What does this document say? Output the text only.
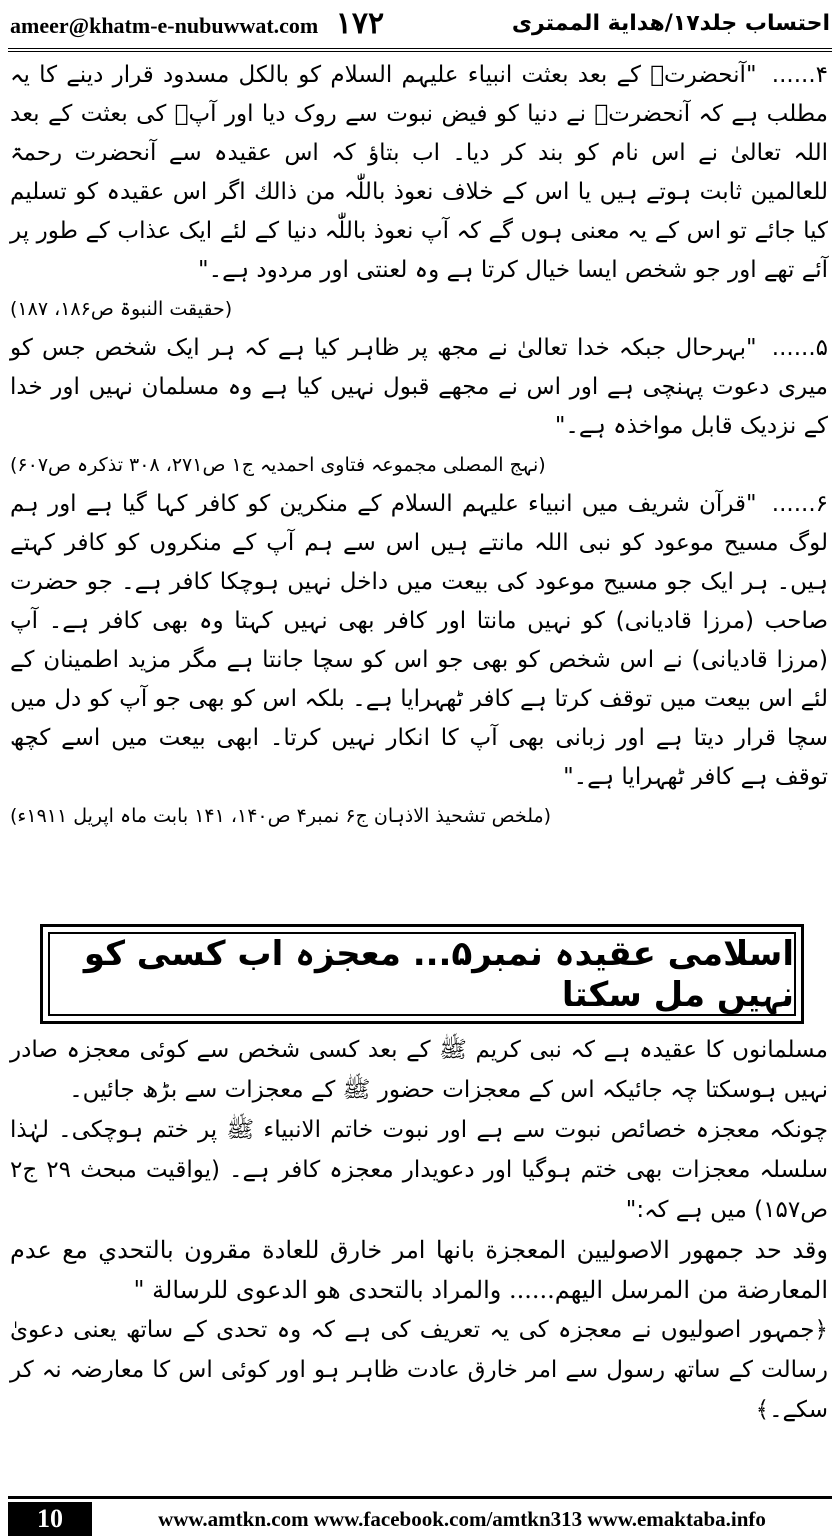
ameer@khatm-e-nubuwwat.com ۱۷۲	احتساب جلد۱۷/هداية الممترى

۴...... "آنحضرتؐ کے بعد بعثت انبیاء علیہم السلام کو بالکل مسدود قرار دینے کا یہ مطلب ہے کہ آنحضرتؐ نے دنیا کو فیض نبوت سے روک دیا اور آپؐ کی بعثت کے بعد اللہ تعالیٰ نے اس نام کو بند کر دیا۔ اب بتاؤ کہ اس عقیدہ سے آنحضرت رحمۃ للعالمین ثابت ہوتے ہیں یا اس کے خلاف نعوذ باللّٰہ من ذالك اگر اس عقیدہ کو تسلیم کیا جائے تو اس کے یہ معنی ہوں گے کہ آپ نعوذ باللّٰہ دنیا کے لئے ایک عذاب کے طور پر آئے تھے اور جو شخص ایسا خیال کرتا ہے وہ لعنتی اور مردود ہے۔"
(حقیقت النبوۃ ص۱۸۶، ۱۸۷)

۵...... "بہرحال جبکہ خدا تعالیٰ نے مجھ پر ظاہر کیا ہے کہ ہر ایک شخص جس کو میری دعوت پہنچی ہے اور اس نے مجھے قبول نہیں کیا ہے وہ مسلمان نہیں اور خدا کے نزدیک قابل مواخذہ ہے۔"
(نہج المصلی مجموعہ فتاوی احمدیہ ج۱ ص۲۷۱، ۳۰۸ تذکرہ ص۶۰۷)

۶...... "قرآن شریف میں انبیاء علیہم السلام کے منکرین کو کافر کہا گیا ہے اور ہم لوگ مسیح موعود کو نبی اللہ مانتے ہیں اس سے ہم آپ کے منکروں کو کافر کہتے ہیں۔ ہر ایک جو مسیح موعود کی بیعت میں داخل نہیں ہوچکا کافر ہے۔ جو حضرت صاحب (مرزا قادیانی) کو نہیں مانتا اور کافر بھی نہیں کہتا وہ بھی کافر ہے۔ آپ (مرزا قادیانی) نے اس شخص کو بھی جو اس کو سچا جانتا ہے مگر مزید اطمینان کے لئے اس بیعت میں توقف کرتا ہے کافر ٹھہرایا ہے۔ بلکہ اس کو بھی جو آپ کو دل میں سچا قرار دیتا ہے اور زبانی بھی آپ کا انکار نہیں کرتا۔ ابھی بیعت میں اسے کچھ توقف ہے کافر ٹھہرایا ہے۔"
(ملخص تشحیذ الاذہان ج۶ نمبر۴ ص۱۴۰، ۱۴۱ بابت ماہ اپریل ۱۹۱۱ء)

اسلامی عقیدہ نمبر۵... معجزہ اب کسی کو نہیں مل سکتا

مسلمانوں کا عقیدہ ہے کہ نبی کریم ﷺ کے بعد کسی شخص سے کوئی معجزہ صادر نہیں ہوسکتا چہ جائیکہ اس کے معجزات حضور ﷺ کے معجزات سے بڑھ جائیں۔

چونکہ معجزہ خصائص نبوت سے ہے اور نبوت خاتم الانبیاء ﷺ پر ختم ہوچکی۔ لہٰذا سلسلہ معجزات بھی ختم ہوگیا اور دعویدار معجزہ کافر ہے۔ (یواقیت مبحث ۲۹ ج۲ ص۱۵۷) میں ہے کہ:"

وقد حد جمهور الاصوليين المعجزة بانها امر خارق للعادة مقرون بالتحدي مع عدم المعارضة من المرسل اليهم...... والمراد بالتحدى هو الدعوى للرسالة "

﴿جمہور اصولیوں نے معجزہ کی یہ تعریف کی ہے کہ وہ تحدی کے ساتھ یعنی دعویٰ رسالت کے ساتھ رسول سے امر خارق عادت ظاہر ہو اور کوئی اس کا معارضہ نہ کر سکے۔﴾

10	www.amtkn.com www.facebook.com/amtkn313 www.emaktaba.info
